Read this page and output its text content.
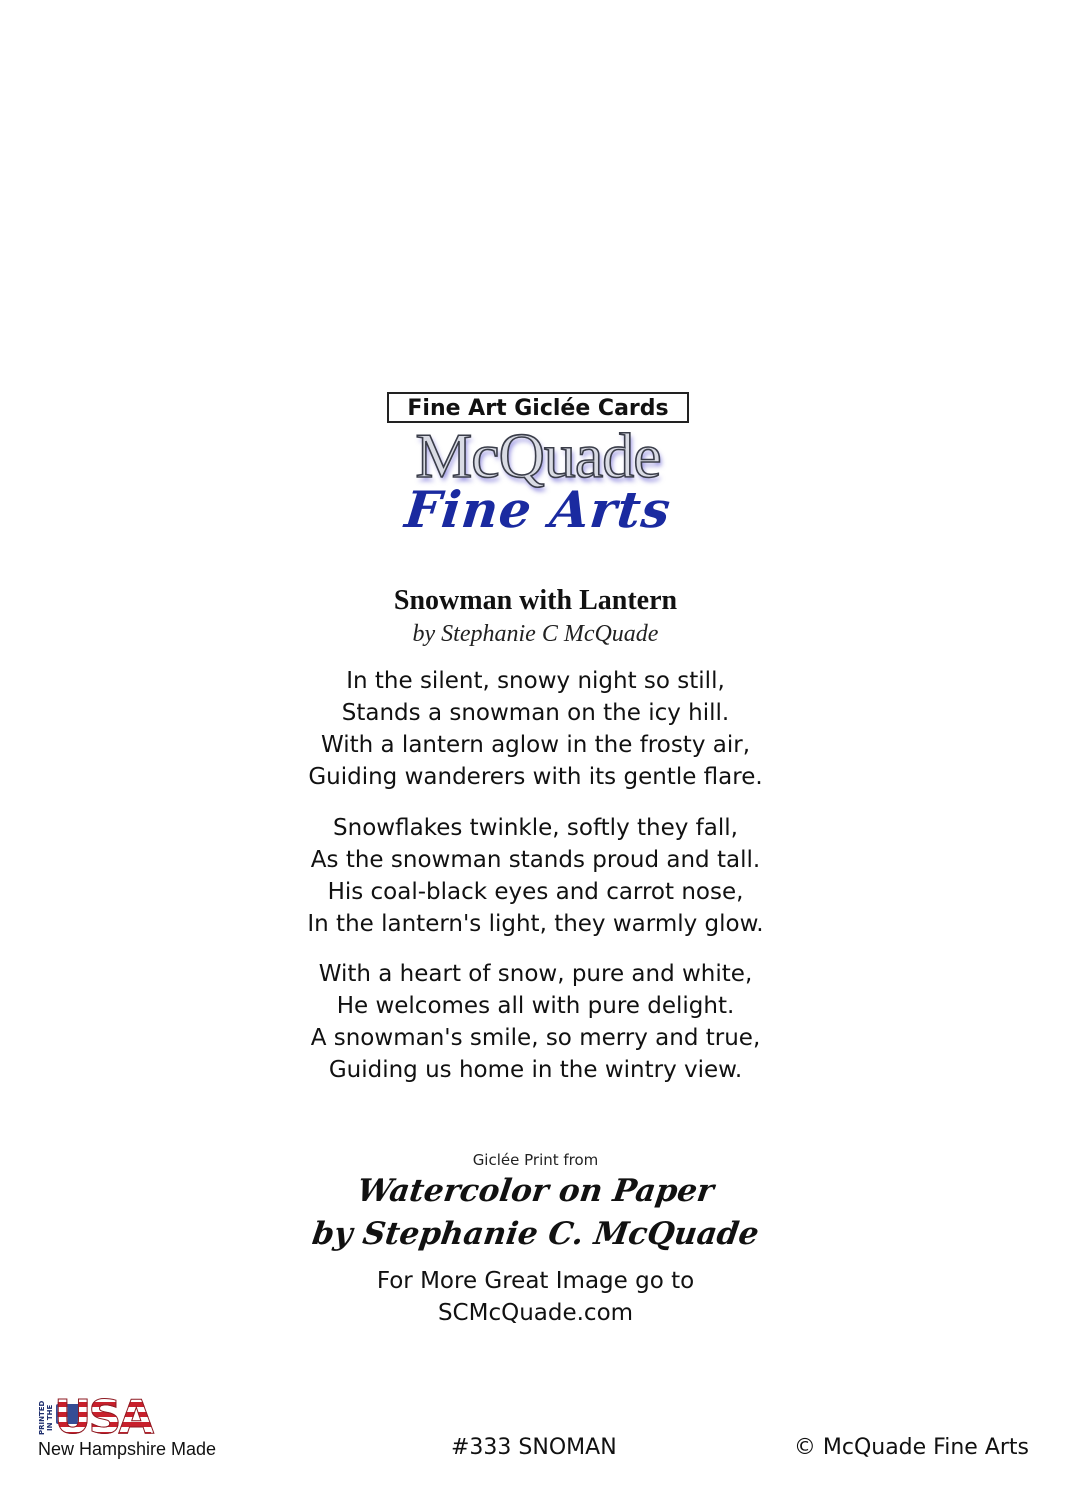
Fine Art Giclée Cards
McQuade
Fine Arts
Snowman with Lantern
by Stephanie C McQuade
In the silent, snowy night so still,
Stands a snowman on the icy hill.
With a lantern aglow in the frosty air,
Guiding wanderers with its gentle flare.
Snowflakes twinkle, softly they fall,
As the snowman stands proud and tall.
His coal-black eyes and carrot nose,
In the lantern's light, they warmly glow.
With a heart of snow, pure and white,
He welcomes all with pure delight.
A snowman's smile, so merry and true,
Guiding us home in the wintry view.
Giclée Print from
Watercolor on Paper
by Stephanie C. McQuade
For More Great Image go to
SCMcQuade.com
PRINTED IN THE USA
New Hampshire Made	#333 SNOMAN	© McQuade Fine Arts
